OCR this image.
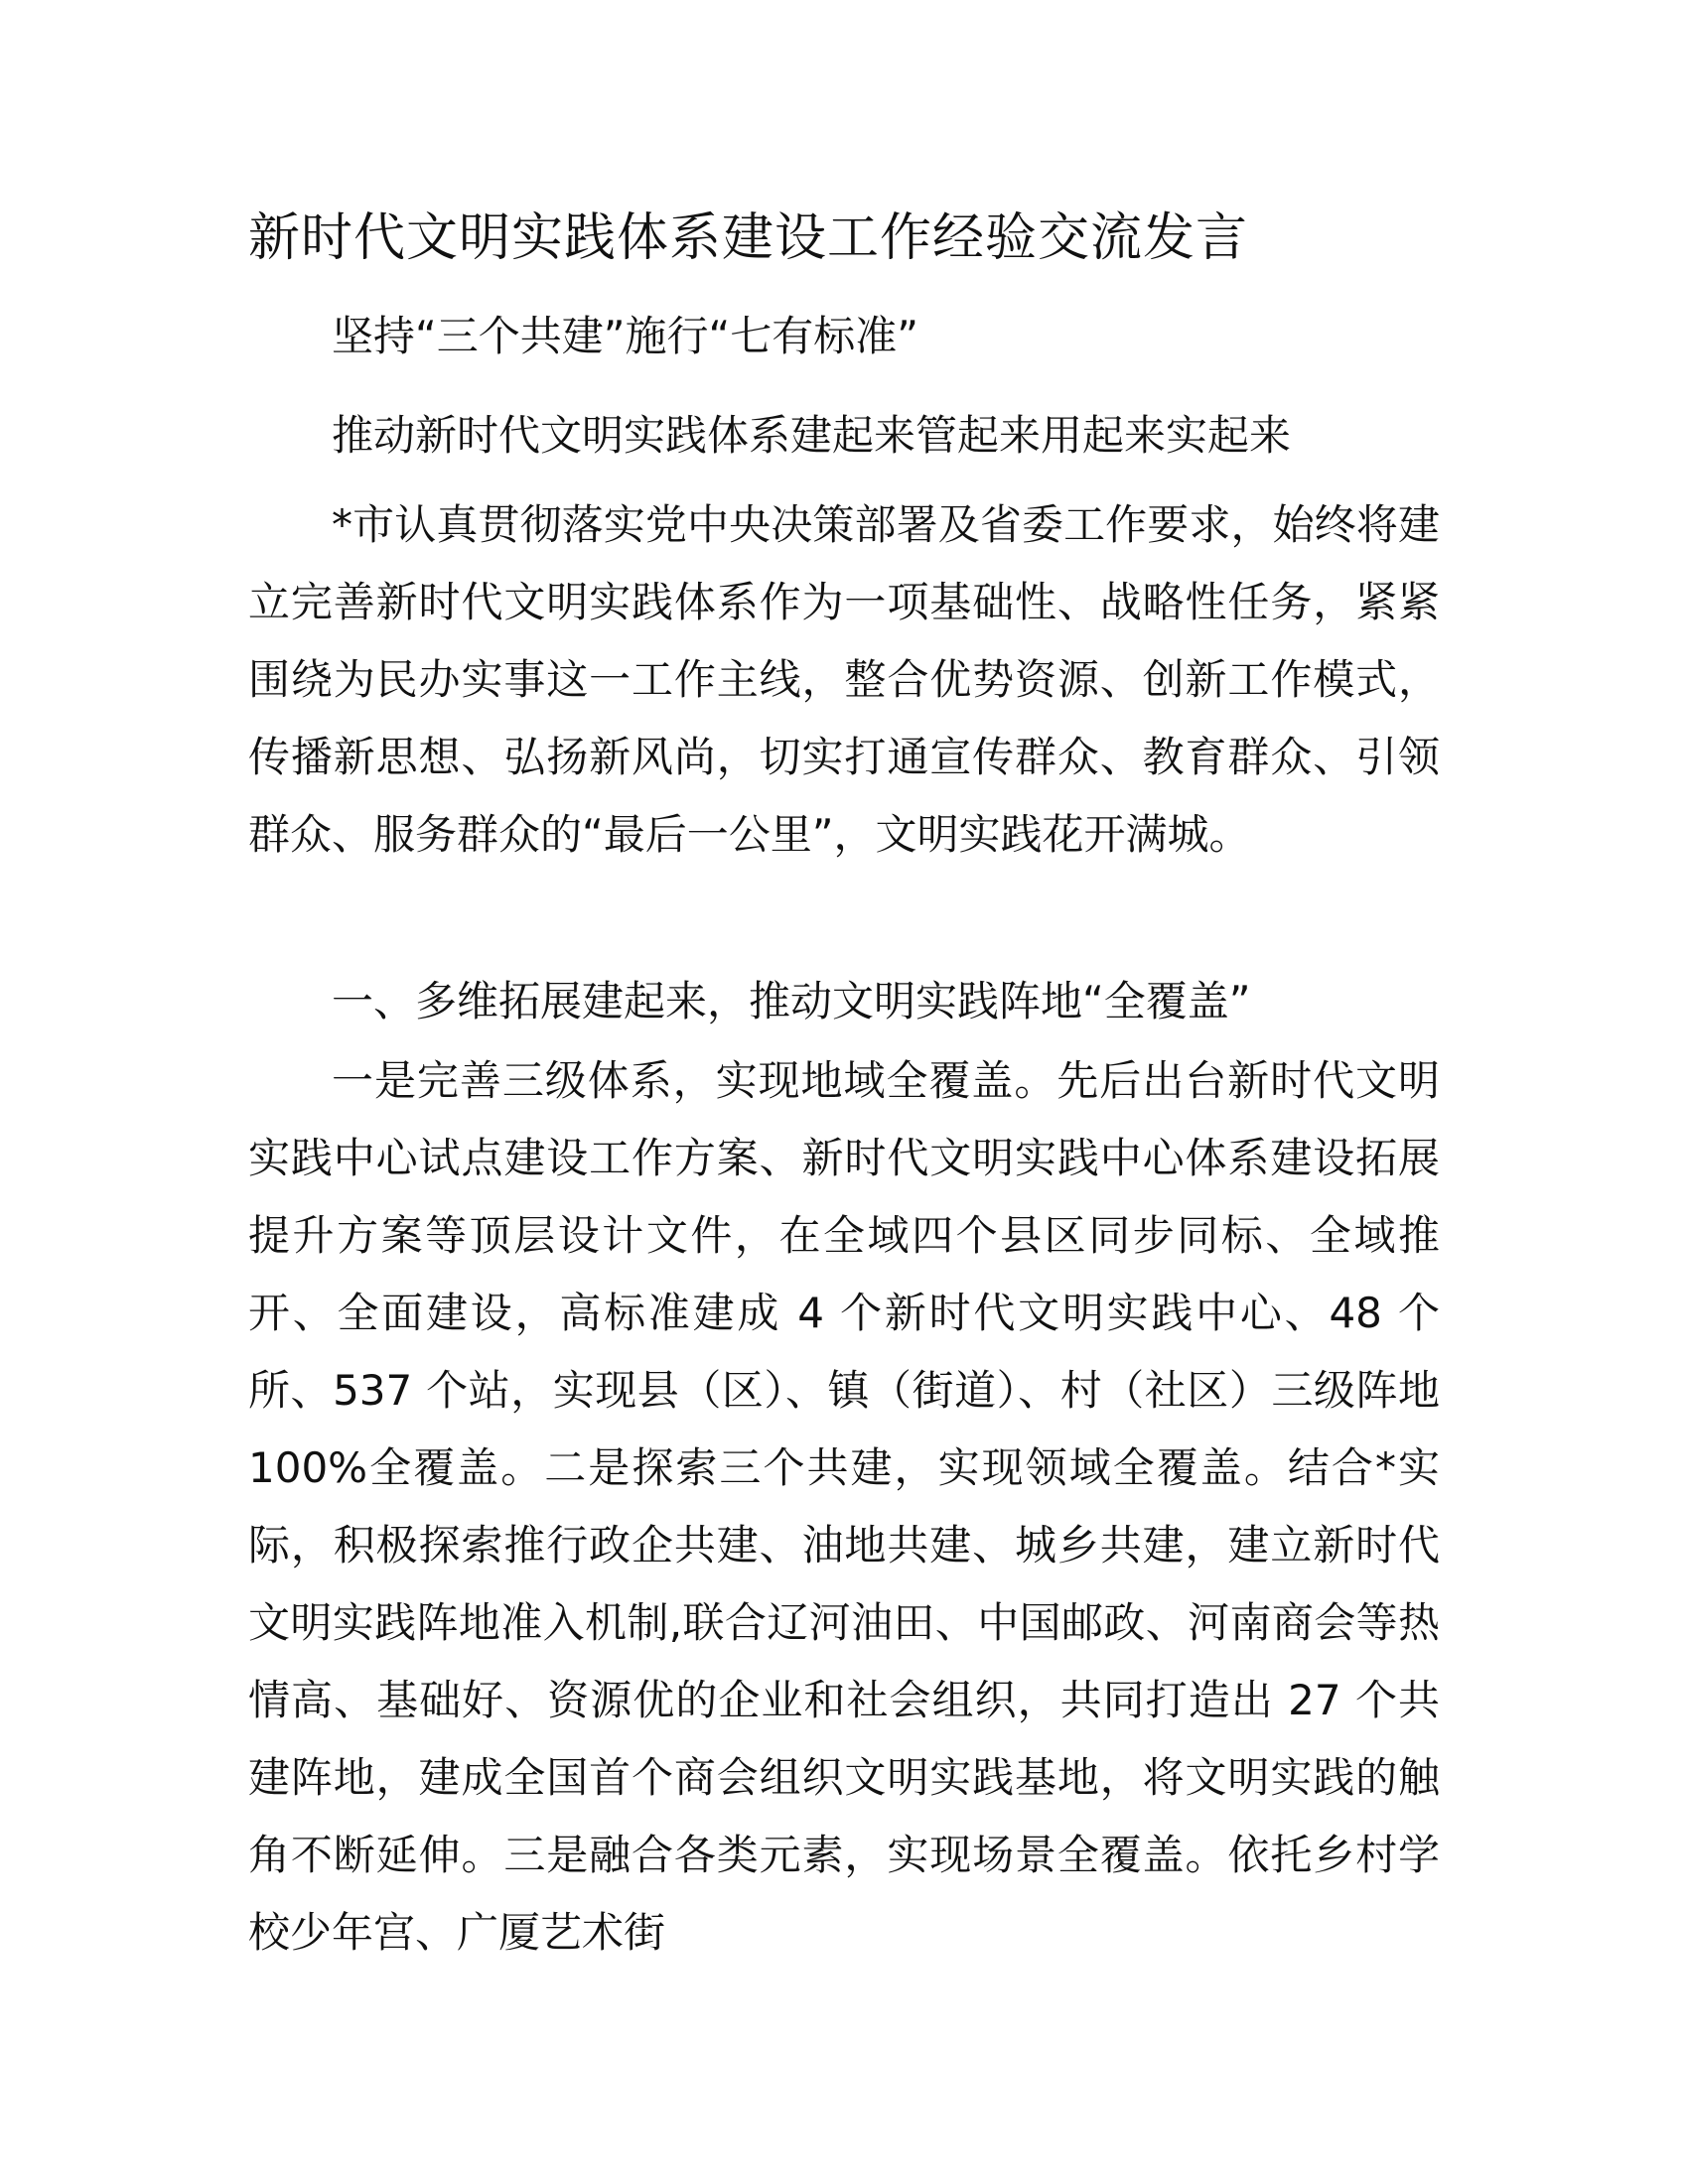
新时代文明实践体系建设工作经验交流发言

坚持“三个共建”施行“七有标准”

推动新时代文明实践体系建起来管起来用起来实起来

*市认真贯彻落实党中央决策部署及省委工作要求，始终将建立完善新时代文明实践体系作为一项基础性、战略性任务，紧紧围绕为民办实事这一工作主线，整合优势资源、创新工作模式，传播新思想、弘扬新风尚，切实打通宣传群众、教育群众、引领群众、服务群众的“最后一公里”，文明实践花开满城。

一、多维拓展建起来，推动文明实践阵地“全覆盖”

一是完善三级体系，实现地域全覆盖。先后出台新时代文明实践中心试点建设工作方案、新时代文明实践中心体系建设拓展提升方案等顶层设计文件，在全域四个县区同步同标、全域推开、全面建设，高标准建成 4 个新时代文明实践中心、48 个所、537 个站，实现县（区）、镇（街道）、村（社区）三级阵地 100%全覆盖。二是探索三个共建，实现领域全覆盖。结合*实际，积极探索推行政企共建、油地共建、城乡共建，建立新时代文明实践阵地准入机制,联合辽河油田、中国邮政、河南商会等热情高、基础好、资源优的企业和社会组织，共同打造出 27 个共建阵地，建成全国首个商会组织文明实践基地，将文明实践的触角不断延伸。三是融合各类元素，实现场景全覆盖。依托乡村学校少年宫、广厦艺术街
